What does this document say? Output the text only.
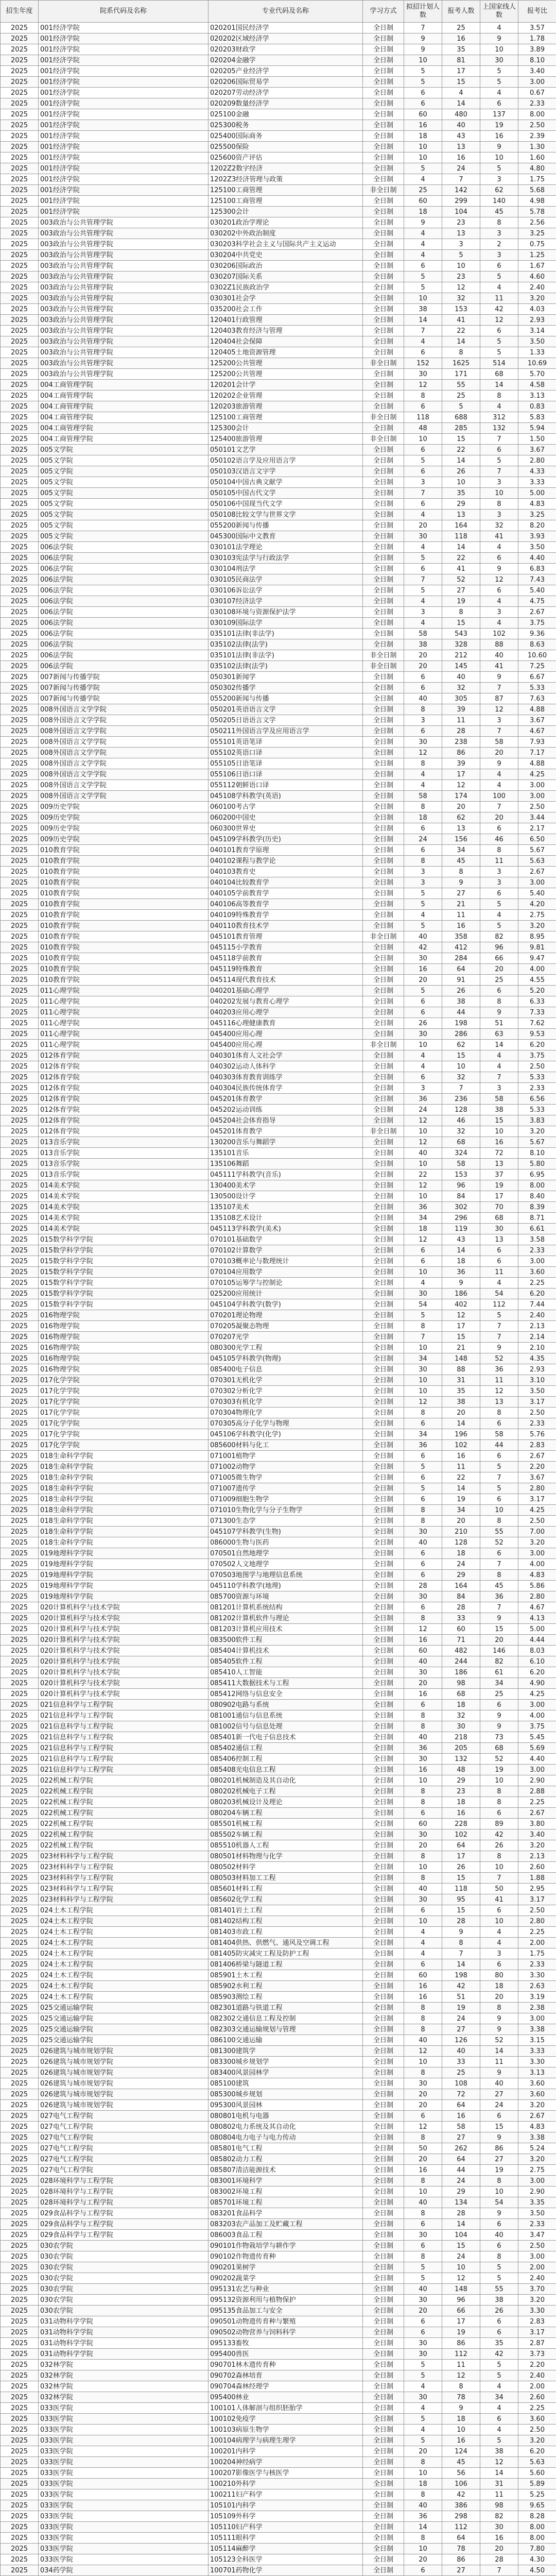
招生年度	院系代码及名称	专业代码及名称	学习方式	拟招计划人数	报考人数	上国家线人数	报考比
2025	001经济学院	020201国民经济学	全日制	7	25	4	3.57
2025	001经济学院	020202区域经济学	全日制	9	16	9	1.78
2025	001经济学院	020203财政学	全日制	9	35	10	3.89
2025	001经济学院	020204金融学	全日制	10	81	30	8.10
2025	001经济学院	020205产业经济学	全日制	5	17	5	3.40
2025	001经济学院	020206国际贸易学	全日制	5	15	5	3.00
2025	001经济学院	020207劳动经济学	全日制	6	4	4	0.67
2025	001经济学院	020209数量经济学	全日制	6	14	6	2.33
2025	001经济学院	025100金融	全日制	60	480	137	8.00
2025	001经济学院	025300税务	全日制	16	40	19	2.50
2025	001经济学院	025400国际商务	全日制	18	43	16	2.39
2025	001经济学院	025500保险	全日制	10	13	9	1.30
2025	001经济学院	025600资产评估	全日制	10	16	10	1.60
2025	001经济学院	1202Z2数字经济	全日制	5	24	5	4.80
2025	001经济学院	1202Z3经济管理与政策	全日制	4	7	3	1.75
2025	001经济学院	125100工商管理	非全日制	25	142	62	5.68
2025	001经济学院	125100工商管理	全日制	60	299	140	4.98
2025	001经济学院	125300会计	全日制	18	104	45	5.78
2025	003政治与公共管理学院	030201政治学理论	全日制	9	23	8	2.56
2025	003政治与公共管理学院	030202中外政治制度	全日制	4	13	3	3.25
2025	003政治与公共管理学院	030203科学社会主义与国际共产主义运动	全日制	4	3	2	0.75
2025	003政治与公共管理学院	030204中共党史	全日制	4	5	3	1.25
2025	003政治与公共管理学院	030206国际政治	全日制	6	10	6	1.67
2025	003政治与公共管理学院	030207国际关系	全日制	5	23	5	4.60
2025	003政治与公共管理学院	0302Z1民族政治学	全日制	5	12	4	2.40
2025	003政治与公共管理学院	030301社会学	全日制	10	32	11	3.20
2025	003政治与公共管理学院	035200社会工作	全日制	38	153	42	4.03
2025	003政治与公共管理学院	120401行政管理	全日制	14	41	12	2.93
2025	003政治与公共管理学院	120403教育经济与管理	全日制	7	22	6	3.14
2025	003政治与公共管理学院	120404社会保障	全日制	4	14	5	3.50
2025	003政治与公共管理学院	120405土地资源管理	全日制	6	8	5	1.33
2025	003政治与公共管理学院	125200公共管理	非全日制	152	1625	514	10.69
2025	003政治与公共管理学院	125200公共管理	全日制	30	171	68	5.70
2025	004工商管理学院	120201会计学	全日制	12	55	14	4.58
2025	004工商管理学院	120202企业管理	全日制	8	25	8	3.13
2025	004工商管理学院	120203旅游管理	全日制	6	5	4	0.83
2025	004工商管理学院	125100工商管理	非全日制	118	688	312	5.83
2025	004工商管理学院	125300会计	全日制	48	285	132	5.94
2025	004工商管理学院	125400旅游管理	非全日制	10	15	7	1.50
2025	005文学院	050101文艺学	全日制	6	22	6	3.67
2025	005文学院	050102语言学及应用语言学	全日制	5	14	5	2.80
2025	005文学院	050103汉语言文字学	全日制	6	26	7	4.33
2025	005文学院	050104中国古典文献学	全日制	3	10	3	3.33
2025	005文学院	050105中国古代文学	全日制	7	35	10	5.00
2025	005文学院	050106中国现当代文学	全日制	6	29	8	4.83
2025	005文学院	050108比较文学与世界文学	全日制	4	13	3	3.25
2025	005文学院	055200新闻与传播	全日制	20	164	32	8.20
2025	005文学院	045300国际中文教育	全日制	30	118	41	3.93
2025	006法学院	030101法学理论	全日制	4	14	4	3.50
2025	006法学院	030103宪法学与行政法学	全日制	5	22	6	4.40
2025	006法学院	030104刑法学	全日制	6	41	9	6.83
2025	006法学院	030105民商法学	全日制	7	52	12	7.43
2025	006法学院	030106诉讼法学	全日制	5	27	6	5.40
2025	006法学院	030107经济法学	全日制	4	19	4	4.75
2025	006法学院	030108环境与资源保护法学	全日制	3	8	3	2.67
2025	006法学院	030109国际法学	全日制	4	15	4	3.75
2025	006法学院	035101法律(非法学)	全日制	58	543	102	9.36
2025	006法学院	035102法律(法学)	全日制	38	328	88	8.63
2025	006法学院	035101法律(非法学)	非全日制	20	212	40	10.60
2025	006法学院	035102法律(法学)	非全日制	20	145	41	7.25
2025	007新闻与传播学院	050301新闻学	全日制	6	40	9	6.67
2025	007新闻与传播学院	050302传播学	全日制	6	32	7	5.33
2025	007新闻与传播学院	055200新闻与传播	全日制	40	305	87	7.63
2025	008外国语言文学学院	050201英语语言文学	全日制	8	39	12	4.88
2025	008外国语言文学学院	050205日语语言文学	全日制	3	11	3	3.67
2025	008外国语言文学学院	050211外国语言学及应用语言学	全日制	6	28	7	4.67
2025	008外国语言文学学院	055101英语笔译	全日制	30	238	58	7.93
2025	008外国语言文学学院	055102英语口译	全日制	12	86	20	7.17
2025	008外国语言文学学院	055105日语笔译	全日制	8	39	9	4.88
2025	008外国语言文学学院	055106日语口译	全日制	4	17	4	4.25
2025	008外国语言文学学院	055112朝鲜语口译	全日制	4	12	4	3.00
2025	008外国语言文学学院	045108学科教学(英语)	全日制	58	174	100	3.00
2025	009历史学院	060100考古学	全日制	8	20	7	2.50
2025	009历史学院	060200中国史	全日制	18	62	20	3.44
2025	009历史学院	060300世界史	全日制	6	13	6	2.17
2025	009历史学院	045109学科教学(历史)	全日制	24	156	46	6.50
2025	010教育学院	040101教育学原理	全日制	6	34	8	5.67
2025	010教育学院	040102课程与教学论	全日制	8	45	11	5.63
2025	010教育学院	040103教育史	全日制	3	8	3	2.67
2025	010教育学院	040104比较教育学	全日制	3	9	3	3.00
2025	010教育学院	040105学前教育学	全日制	5	27	6	5.40
2025	010教育学院	040106高等教育学	全日制	5	21	5	4.20
2025	010教育学院	040109特殊教育学	全日制	4	11	4	2.75
2025	010教育学院	040110教育技术学	全日制	5	16	5	3.20
2025	010教育学院	045101教育管理	非全日制	40	358	82	8.95
2025	010教育学院	045115小学教育	全日制	42	412	96	9.81
2025	010教育学院	045118学前教育	全日制	30	284	66	9.47
2025	010教育学院	045119特殊教育	全日制	16	64	20	4.00
2025	010教育学院	045114现代教育技术	全日制	20	91	25	4.55
2025	011心理学院	040201基础心理学	全日制	5	26	6	5.20
2025	011心理学院	040202发展与教育心理学	全日制	6	38	8	6.33
2025	011心理学院	040203应用心理学	全日制	6	44	9	7.33
2025	011心理学院	045116心理健康教育	全日制	26	198	51	7.62
2025	011心理学院	045400应用心理	全日制	30	286	63	9.53
2025	011心理学院	045400应用心理	非全日制	10	62	14	6.20
2025	012体育学院	040301体育人文社会学	全日制	4	15	4	3.75
2025	012体育学院	040302运动人体科学	全日制	4	10	4	2.50
2025	012体育学院	040303体育教育训练学	全日制	6	32	7	5.33
2025	012体育学院	040304民族传统体育学	全日制	3	7	3	2.33
2025	012体育学院	045201体育教学	全日制	36	236	58	6.56
2025	012体育学院	045202运动训练	全日制	24	128	38	5.33
2025	012体育学院	045204社会体育指导	全日制	12	46	15	3.83
2025	012体育学院	045201体育教学	非全日制	10	32	10	3.20
2025	013音乐学院	130200音乐与舞蹈学	全日制	12	68	16	5.67
2025	013音乐学院	135101音乐	全日制	40	324	72	8.10
2025	013音乐学院	135106舞蹈	全日制	10	58	13	5.80
2025	013音乐学院	045111学科教学(音乐)	全日制	22	153	37	6.95
2025	014美术学院	130400美术学	全日制	12	96	19	8.00
2025	014美术学院	130500设计学	全日制	10	84	17	8.40
2025	014美术学院	135107美术	全日制	36	302	70	8.39
2025	014美术学院	135108艺术设计	全日制	34	296	68	8.71
2025	014美术学院	045113学科教学(美术)	全日制	18	119	30	6.61
2025	015数学科学学院	070101基础数学	全日制	12	43	13	3.58
2025	015数学科学学院	070102计算数学	全日制	6	14	6	2.33
2025	015数学科学学院	070103概率论与数理统计	全日制	6	18	6	3.00
2025	015数学科学学院	070104应用数学	全日制	10	36	11	3.60
2025	015数学科学学院	070105运筹学与控制论	全日制	4	9	4	2.25
2025	015数学科学学院	025200应用统计	全日制	30	186	54	6.20
2025	015数学科学学院	045104学科教学(数学)	全日制	54	402	112	7.44
2025	016物理学院	070201理论物理	全日制	5	12	5	2.40
2025	016物理学院	070205凝聚态物理	全日制	8	17	7	2.13
2025	016物理学院	070207光学	全日制	7	15	7	2.14
2025	016物理学院	080300光学工程	全日制	10	21	9	2.10
2025	016物理学院	045105学科教学(物理)	全日制	34	148	52	4.35
2025	016物理学院	085400电子信息	全日制	30	88	36	2.93
2025	017化学学院	070301无机化学	全日制	10	31	11	3.10
2025	017化学学院	070302分析化学	全日制	10	35	12	3.50
2025	017化学学院	070303有机化学	全日制	12	38	13	3.17
2025	017化学学院	070304物理化学	全日制	8	20	8	2.50
2025	017化学学院	070305高分子化学与物理	全日制	6	14	6	2.33
2025	017化学学院	045106学科教学(化学)	全日制	34	196	58	5.76
2025	017化学学院	085600材料与化工	全日制	36	102	44	2.83
2025	018生命科学学院	071001植物学	全日制	6	16	6	2.67
2025	018生命科学学院	071002动物学	全日制	5	11	5	2.20
2025	018生命科学学院	071005微生物学	全日制	6	22	7	3.67
2025	018生命科学学院	071007遗传学	全日制	5	14	5	2.80
2025	018生命科学学院	071009细胞生物学	全日制	6	19	6	3.17
2025	018生命科学学院	071010生物化学与分子生物学	全日制	8	34	10	4.25
2025	018生命科学学院	071300生态学	全日制	8	20	8	2.50
2025	018生命科学学院	045107学科教学(生物)	全日制	30	210	55	7.00
2025	018生命科学学院	086000生物与医药	全日制	40	128	52	3.20
2025	019地理科学学院	070501自然地理学	全日制	6	18	6	3.00
2025	019地理科学学院	070502人文地理学	全日制	6	24	7	4.00
2025	019地理科学学院	070503地图学与地理信息系统	全日制	6	29	8	4.83
2025	019地理科学学院	045110学科教学(地理)	全日制	28	164	45	5.86
2025	019地理科学学院	085700资源与环境	全日制	30	84	36	2.80
2025	020计算机科学与技术学院	081201计算机系统结构	全日制	6	28	7	4.67
2025	020计算机科学与技术学院	081202计算机软件与理论	全日制	8	33	9	4.13
2025	020计算机科学与技术学院	081203计算机应用技术	全日制	12	60	15	5.00
2025	020计算机科学与技术学院	083500软件工程	全日制	16	71	20	4.44
2025	020计算机科学与技术学院	085404计算机技术	全日制	60	482	146	8.03
2025	020计算机科学与技术学院	085405软件工程	全日制	40	244	82	6.10
2025	020计算机科学与技术学院	085410人工智能	全日制	30	186	61	6.20
2025	020计算机科学与技术学院	085411大数据技术与工程	全日制	20	98	34	4.90
2025	020计算机科学与技术学院	085412网络与信息安全	全日制	16	68	25	4.25
2025	021信息科学与工程学院	080902电路与系统	全日制	6	18	6	3.00
2025	021信息科学与工程学院	081001通信与信息系统	全日制	8	32	9	4.00
2025	021信息科学与工程学院	081002信号与信息处理	全日制	8	30	9	3.75
2025	021信息科学与工程学院	085401新一代电子信息技术	全日制	40	218	73	5.45
2025	021信息科学与工程学院	085402通信工程	全日制	36	205	68	5.69
2025	021信息科学与工程学院	085406控制工程	全日制	30	132	52	4.40
2025	021信息科学与工程学院	085408光电信息工程	全日制	16	48	19	3.00
2025	022机械工程学院	080201机械制造及其自动化	全日制	10	29	10	2.90
2025	022机械工程学院	080202机械电子工程	全日制	8	23	8	2.88
2025	022机械工程学院	080203机械设计及理论	全日制	8	18	8	2.25
2025	022机械工程学院	080204车辆工程	全日制	6	16	6	2.67
2025	022机械工程学院	085501机械工程	全日制	60	228	89	3.80
2025	022机械工程学院	085502车辆工程	全日制	30	102	42	3.40
2025	022机械工程学院	085510机器人工程	全日制	20	64	26	3.20
2025	023材料科学与工程学院	080501材料物理与化学	全日制	8	17	8	2.13
2025	023材料科学与工程学院	080502材料学	全日制	10	26	10	2.60
2025	023材料科学与工程学院	080503材料加工工程	全日制	8	15	7	1.88
2025	023材料科学与工程学院	085601材料工程	全日制	40	118	50	2.95
2025	023材料科学与工程学院	085602化学工程	全日制	30	95	41	3.17
2025	024土木工程学院	081401岩土工程	全日制	6	15	6	2.50
2025	024土木工程学院	081402结构工程	全日制	10	28	10	2.80
2025	024土木工程学院	081403市政工程	全日制	4	9	4	2.25
2025	024土木工程学院	081404供热、供燃气、通风及空调工程	全日制	4	8	4	2.00
2025	024土木工程学院	081405防灾减灾工程及防护工程	全日制	4	7	3	1.75
2025	024土木工程学院	081406桥梁与隧道工程	全日制	6	14	6	2.33
2025	024土木工程学院	085901土木工程	全日制	60	198	80	3.30
2025	024土木工程学院	085902水利工程	全日制	16	42	18	2.63
2025	024土木工程学院	085903测绘工程	全日制	16	51	20	3.19
2025	025交通运输学院	082301道路与铁道工程	全日制	8	19	8	2.38
2025	025交通运输学院	082302交通信息工程及控制	全日制	8	24	9	3.00
2025	025交通运输学院	082303交通运输规划与管理	全日制	8	27	9	3.38
2025	025交通运输学院	086100交通运输	全日制	40	126	52	3.15
2025	026建筑与城市规划学院	081300建筑学	全日制	12	40	14	3.33
2025	026建筑与城市规划学院	083300城乡规划学	全日制	10	33	11	3.30
2025	026建筑与城市规划学院	083400风景园林学	全日制	8	25	9	3.13
2025	026建筑与城市规划学院	085100建筑	全日制	30	108	40	3.60
2025	026建筑与城市规划学院	085300城乡规划	全日制	20	72	27	3.60
2025	026建筑与城市规划学院	095300风景园林	全日制	20	64	24	3.20
2025	027电气工程学院	080801电机与电器	全日制	6	16	6	2.67
2025	027电气工程学院	080802电力系统及其自动化	全日制	12	58	15	4.83
2025	027电气工程学院	080804电力电子与电力传动	全日制	8	27	9	3.38
2025	027电气工程学院	085801电气工程	全日制	50	262	86	5.24
2025	027电气工程学院	085802动力工程	全日制	20	64	27	3.20
2025	027电气工程学院	085807清洁能源技术	全日制	16	44	19	2.75
2025	028环境科学与工程学院	083001环境科学	全日制	8	24	8	3.00
2025	028环境科学与工程学院	083002环境工程	全日制	10	29	10	2.90
2025	028环境科学与工程学院	085701环境工程	全日制	40	134	54	3.35
2025	029食品科学与工程学院	083201食品科学	全日制	8	28	9	3.50
2025	029食品科学与工程学院	083203农产品加工及贮藏工程	全日制	6	14	6	2.33
2025	029食品科学与工程学院	086003食品工程	全日制	30	104	40	3.47
2025	030农学院	090101作物栽培学与耕作学	全日制	6	15	6	2.50
2025	030农学院	090102作物遗传育种	全日制	8	24	8	3.00
2025	030农学院	090201果树学	全日制	5	10	5	2.00
2025	030农学院	090202蔬菜学	全日制	5	12	5	2.40
2025	030农学院	095131农艺与种业	全日制	40	148	55	3.70
2025	030农学院	095132资源利用与植物保护	全日制	30	96	38	3.20
2025	030农学院	095135食品加工与安全	全日制	20	66	26	3.30
2025	031动物科学学院	090501动物遗传育种与繁殖	全日制	6	17	6	2.83
2025	031动物科学学院	090502动物营养与饲料科学	全日制	6	19	6	3.17
2025	031动物科学学院	095133畜牧	全日制	30	86	35	2.87
2025	031动物科学学院	095400兽医	全日制	30	112	42	3.73
2025	032林学院	090701林木遗传育种	全日制	5	11	5	2.20
2025	032林学院	090702森林培育	全日制	5	12	5	2.40
2025	032林学院	090704森林经理学	全日制	4	8	4	2.00
2025	032林学院	095400林业	全日制	30	78	34	2.60
2025	033医学院	100101人体解剖与组织胚胎学	全日制	4	9	4	2.25
2025	033医学院	100102免疫学	全日制	5	18	6	3.60
2025	033医学院	100103病原生物学	全日制	4	10	4	2.50
2025	033医学院	100104病理学与病理生理学	全日制	5	16	5	3.20
2025	033医学院	100201内科学	全日制	20	124	38	6.20
2025	033医学院	100204神经病学	全日制	8	45	12	5.63
2025	033医学院	100207影像医学与核医学	全日制	10	56	14	5.60
2025	033医学院	100210外科学	全日制	18	106	31	5.89
2025	033医学院	100211妇产科学	全日制	8	42	11	5.25
2025	033医学院	105101内科学	全日制	40	386	98	9.65
2025	033医学院	105109外科学	全日制	36	298	82	8.28
2025	033医学院	105110妇产科学	全日制	14	112	30	8.00
2025	033医学院	105111眼科学	全日制	8	64	16	8.00
2025	033医学院	105114麻醉学	全日制	10	78	20	7.80
2025	033医学院	105123全科医学	全日制	20	86	28	4.30
2025	034药学院	100701药物化学	全日制	6	27	7	4.50
